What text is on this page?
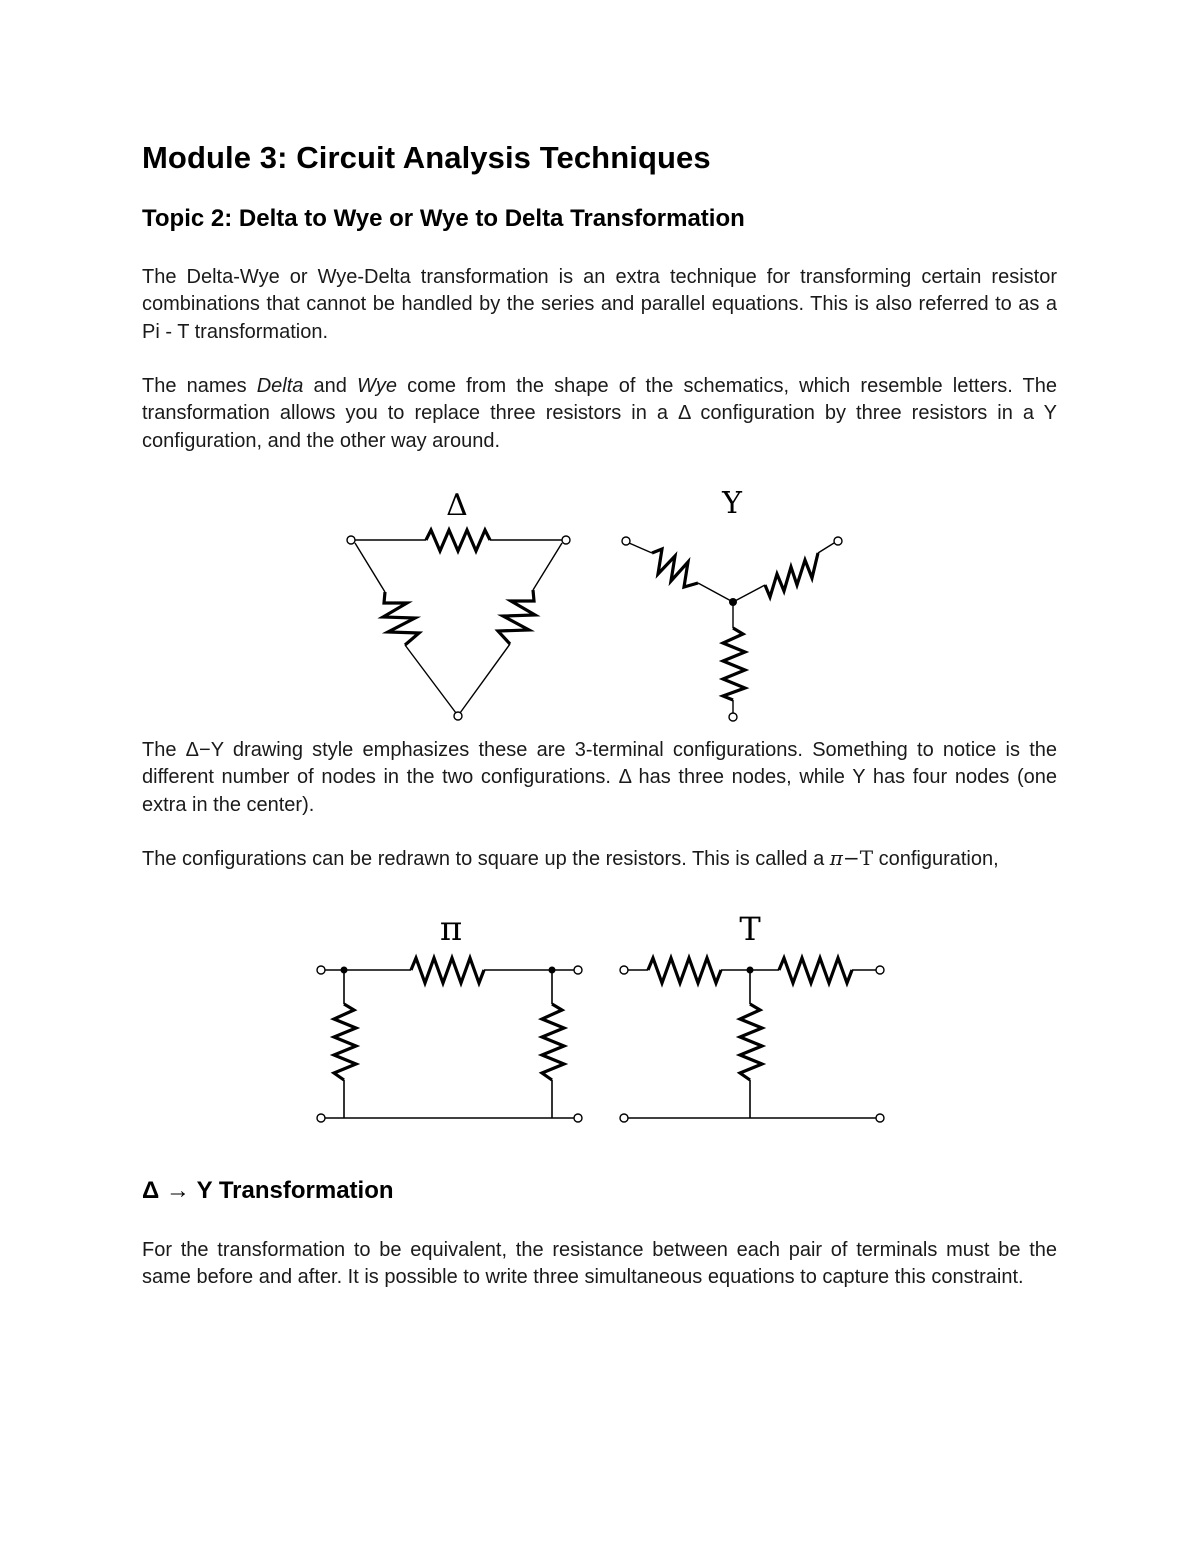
Module 3: Circuit Analysis Techniques
Topic 2: Delta to Wye or Wye to Delta Transformation

The Delta-Wye or Wye-Delta transformation is an extra technique for transforming certain resistor combinations that cannot be handled by the series and parallel equations. This is also referred to as a Pi - T transformation.

The names Delta and Wye come from the shape of the schematics, which resemble letters. The transformation allows you to replace three resistors in a Δ configuration by three resistors in a Y configuration, and the other way around.

Δ	Y

The Δ−Y drawing style emphasizes these are 3-terminal configurations. Something to notice is the different number of nodes in the two configurations. Δ has three nodes, while Y has four nodes (one extra in the center).

The configurations can be redrawn to square up the resistors. This is called a π−T configuration,

π	T
Δ → Y Transformation

For the transformation to be equivalent, the resistance between each pair of terminals must be the same before and after. It is possible to write three simultaneous equations to capture this constraint.
